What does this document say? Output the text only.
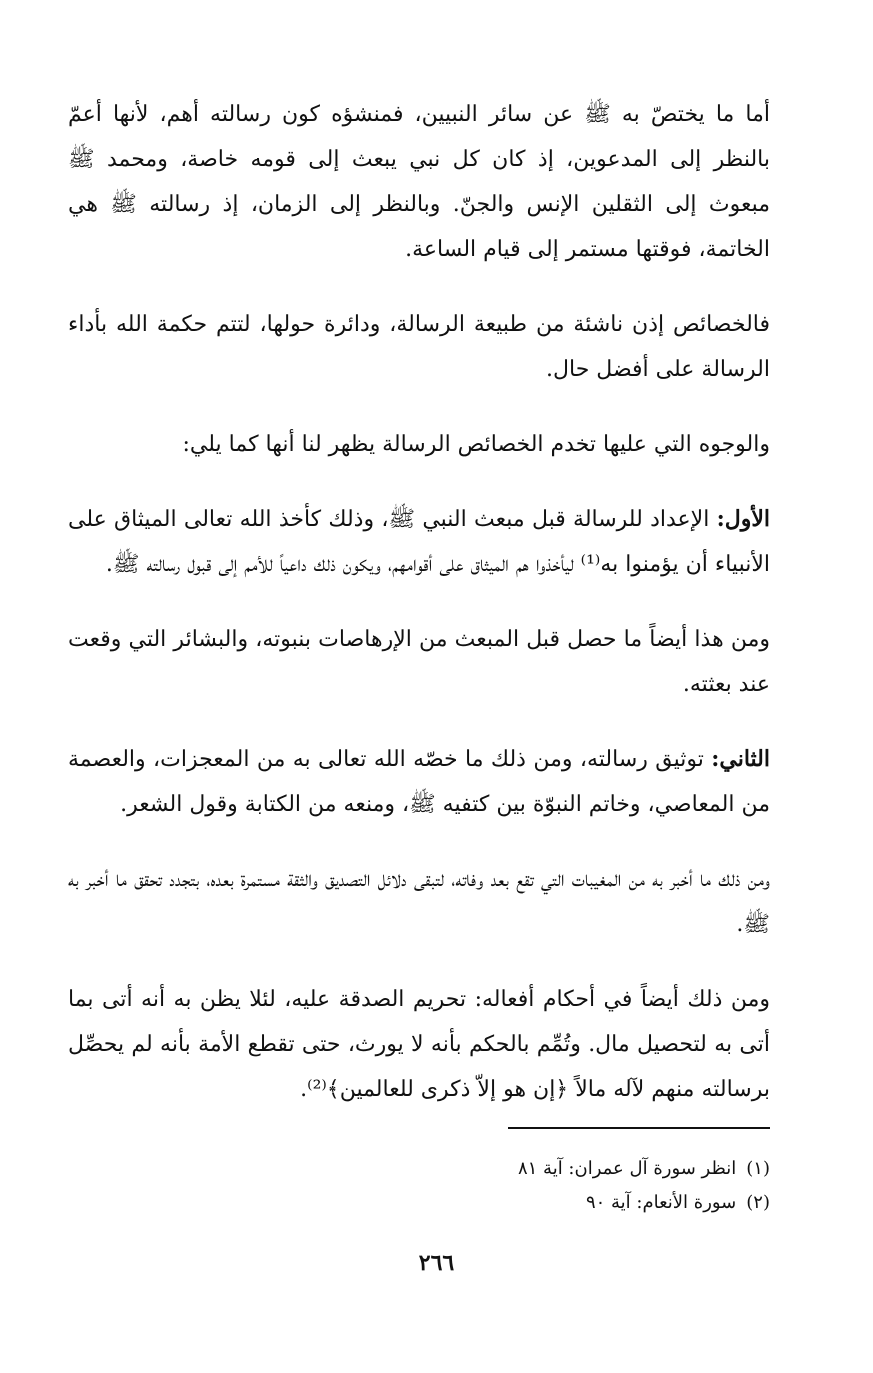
أما ما يختصّ به ﷺ عن سائر النبيين، فمنشؤه كون رسالته أهم، لأنها أعمّ بالنظر إلى المدعوين، إذ كان كل نبي يبعث إلى قومه خاصة، ومحمد ﷺ مبعوث إلى الثقلين الإنس والجنّ. وبالنظر إلى الزمان، إذ رسالته ﷺ هي الخاتمة، فوقتها مستمر إلى قيام الساعة.

فالخصائص إذن ناشئة من طبيعة الرسالة، ودائرة حولها، لتتم حكمة الله بأداء الرسالة على أفضل حال.

والوجوه التي عليها تخدم الخصائص الرسالة يظهر لنا أنها كما يلي:

الأول: الإعداد للرسالة قبل مبعث النبي ﷺ، وذلك كأخذ الله تعالى الميثاق على الأنبياء أن يؤمنوا به⁽¹⁾ ليأخذوا هم الميثاق على أقوامهم، ويكون ذلك داعياً للأمم إلى قبول رسالته ﷺ.

ومن هذا أيضاً ما حصل قبل المبعث من الإرهاصات بنبوته، والبشائر التي وقعت عند بعثته.

الثاني: توثيق رسالته، ومن ذلك ما خصّه الله تعالى به من المعجزات، والعصمة من المعاصي، وخاتم النبوّة بين كتفيه ﷺ، ومنعه من الكتابة وقول الشعر.

ومن ذلك ما أخبر به من المغيبات التي تقع بعد وفاته، لتبقى دلائل التصديق والثقة مستمرة بعده، بتجدد تحقق ما أخبر به ﷺ.

ومن ذلك أيضاً في أحكام أفعاله: تحريم الصدقة عليه، لئلا يظن به أنه أتى بما أتى به لتحصيل مال. وتُمِّم بالحكم بأنه لا يورث، حتى تقطع الأمة بأنه لم يحصِّل برسالته منهم لآله مالاً ﴿إن هو إلاّ ذكرى للعالمين﴾⁽²⁾.

(١)انظر سورة آل عمران: آية ٨١

(٢)سورة الأنعام: آية ٩٠

٢٦٦
